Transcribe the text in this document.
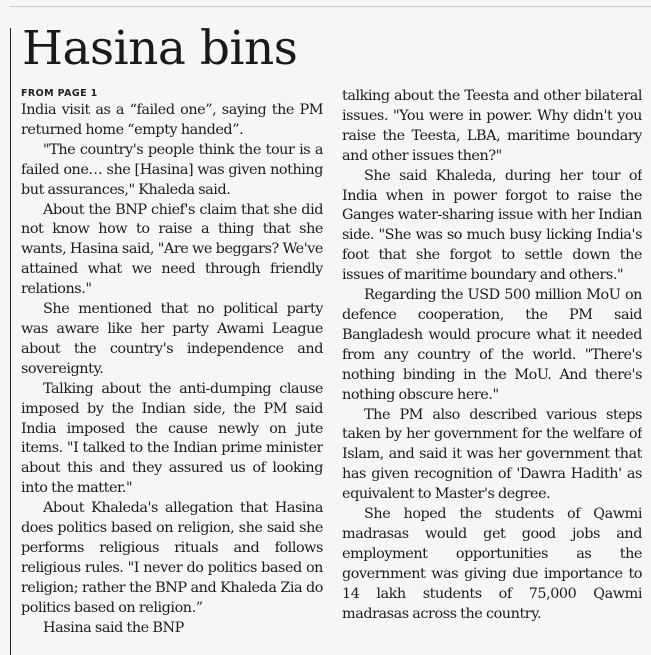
Hasina bins
FROM PAGE 1

India visit as a “failed one”, saying the PM returned home “empty handed”.

"The country's people think the tour is a failed one… she [Hasina] was given nothing but assurances," Khaleda said.

About the BNP chief's claim that she did not know how to raise a thing that she wants, Hasina said, "Are we beggars? We've attained what we need through friendly relations."

She mentioned that no political party was aware like her party Awami League about the country's independence and sovereignty.

Talking about the anti-dumping clause imposed by the Indian side, the PM said India imposed the cause newly on jute items. "I talked to the Indian prime minister about this and they assured us of looking into the matter."

About Khaleda's allegation that Hasina does politics based on religion, she said she performs religious rituals and follows religious rules. "I never do politics based on religion; rather the BNP and Khaleda Zia do politics based on religion.”

Hasina said the BNP

talking about the Teesta and other bilateral issues. "You were in power. Why didn't you raise the Teesta, LBA, maritime boundary and other issues then?"

She said Khaleda, during her tour of India when in power forgot to raise the Ganges water-sharing issue with her Indian side. "She was so much busy licking India's foot that she forgot to settle down the issues of maritime boundary and others."

Regarding the USD 500 million MoU on defence cooperation, the PM said Bangladesh would procure what it needed from any country of the world. "There's nothing binding in the MoU. And there's nothing obscure here."

The PM also described various steps taken by her government for the welfare of Islam, and said it was her government that has given recognition of 'Dawra Hadith' as equivalent to Master's degree.

She hoped the students of Qawmi madrasas would get good jobs and employment opportunities as the government was giving due importance to 14 lakh students of 75,000 Qawmi madrasas across the country.
